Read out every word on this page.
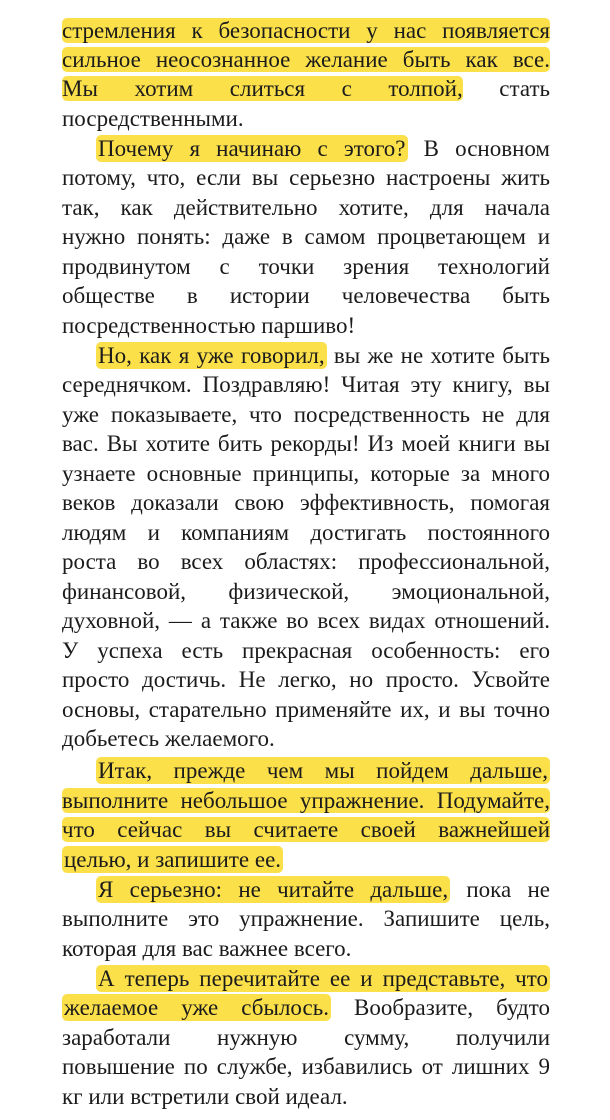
стремления к безопасности у нас появляется
сильное неосознанное желание быть как все.
Мы хотим слиться с толпой, стать
посредственными.
Почему я начинаю с этого? В основном
потому, что, если вы серьезно настроены жить
так, как действительно хотите, для начала
нужно понять: даже в самом процветающем и
продвинутом с точки зрения технологий
обществе в истории человечества быть
посредственностью паршиво!
Но, как я уже говорил, вы же не хотите быть
середнячком. Поздравляю! Читая эту книгу, вы
уже показываете, что посредственность не для
вас. Вы хотите бить рекорды! Из моей книги вы
узнаете основные принципы, которые за много
веков доказали свою эффективность, помогая
людям и компаниям достигать постоянного
роста во всех областях: профессиональной,
финансовой, физической, эмоциональной,
духовной, — а также во всех видах отношений.
У успеха есть прекрасная особенность: его
просто достичь. Не легко, но просто. Усвойте
основы, старательно применяйте их, и вы точно
добьетесь желаемого.
Итак, прежде чем мы пойдем дальше,
выполните небольшое упражнение. Подумайте,
что сейчас вы считаете своей важнейшей
целью, и запишите ее.
Я серьезно: не читайте дальше, пока не
выполните это упражнение. Запишите цель,
которая для вас важнее всего.
А теперь перечитайте ее и представьте, что
желаемое уже сбылось. Вообразите, будто
заработали нужную сумму, получили
повышение по службе, избавились от лишних 9
кг или встретили свой идеал.
